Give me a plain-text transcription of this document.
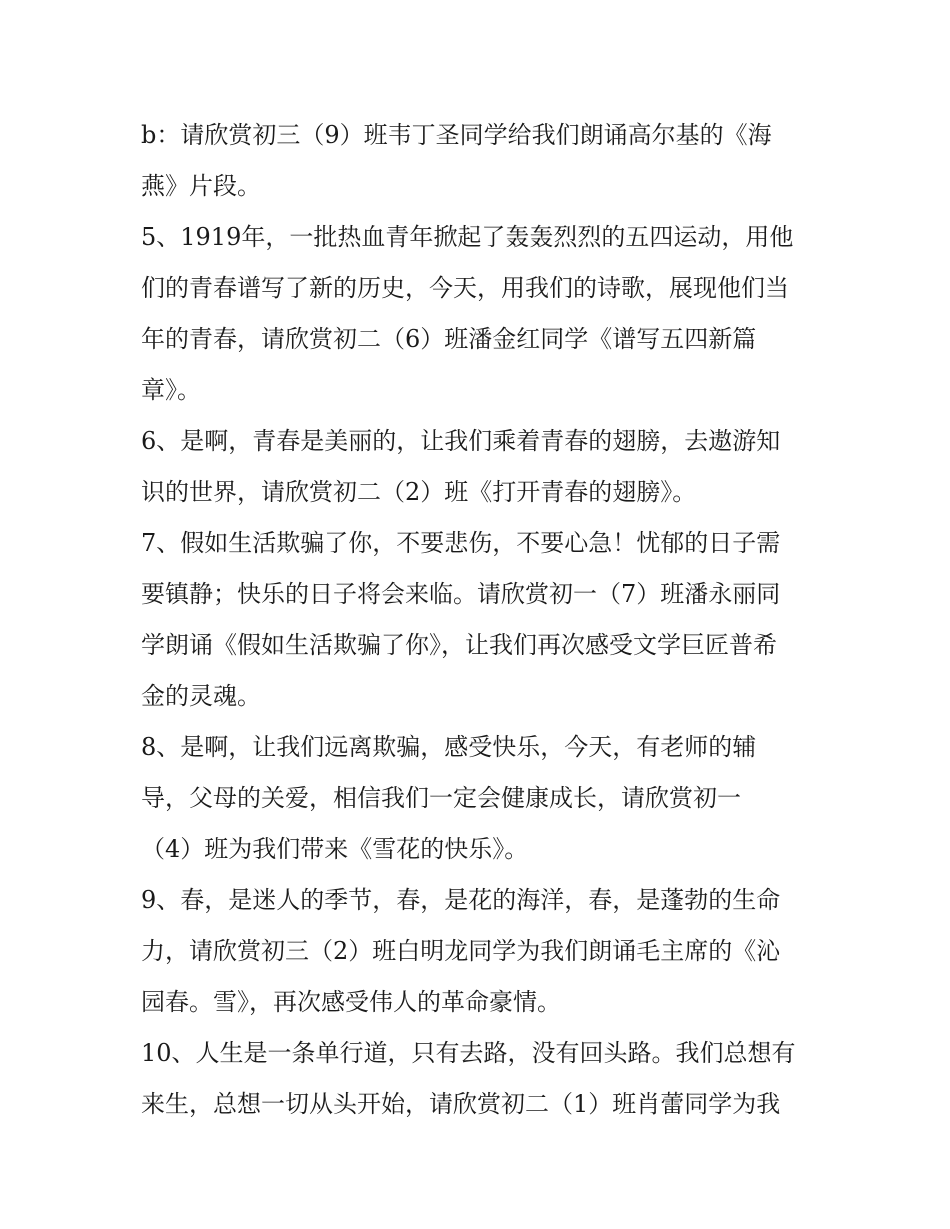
b：请欣赏初三（9）班韦丁圣同学给我们朗诵高尔基的《海
燕》片段。
5、1919年，一批热血青年掀起了轰轰烈烈的五四运动，用他
们的青春谱写了新的历史，今天，用我们的诗歌，展现他们当
年的青春，请欣赏初二（6）班潘金红同学《谱写五四新篇
章》。
6、是啊，青春是美丽的，让我们乘着青春的翅膀，去遨游知
识的世界，请欣赏初二（2）班《打开青春的翅膀》。
7、假如生活欺骗了你，不要悲伤，不要心急！忧郁的日子需
要镇静；快乐的日子将会来临。请欣赏初一（7）班潘永丽同
学朗诵《假如生活欺骗了你》，让我们再次感受文学巨匠普希
金的灵魂。
8、是啊，让我们远离欺骗，感受快乐，今天，有老师的辅
导，父母的关爱，相信我们一定会健康成长，请欣赏初一
（4）班为我们带来《雪花的快乐》。
9、春，是迷人的季节，春，是花的海洋，春，是蓬勃的生命
力，请欣赏初三（2）班白明龙同学为我们朗诵毛主席的《沁
园春。雪》，再次感受伟人的革命豪情。
10、人生是一条单行道，只有去路，没有回头路。我们总想有
来生，总想一切从头开始，请欣赏初二（1）班肖蕾同学为我
